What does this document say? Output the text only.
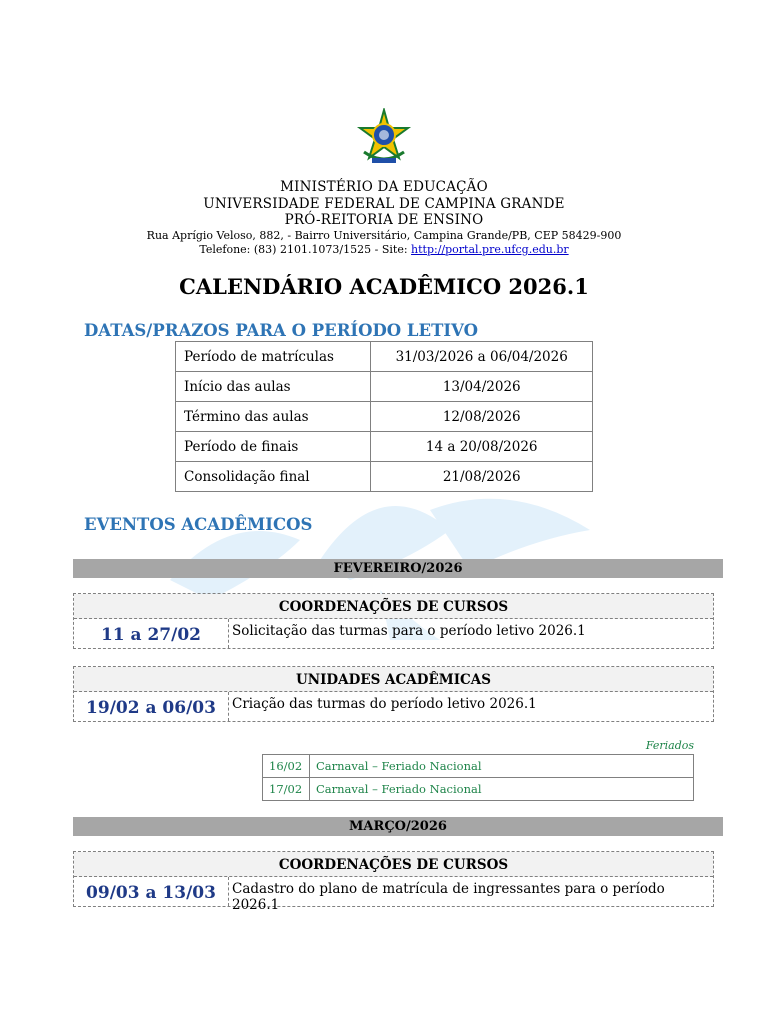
MINISTÉRIO DA EDUCAÇÃO
UNIVERSIDADE FEDERAL DE CAMPINA GRANDE
PRÓ-REITORIA DE ENSINO
Rua Aprígio Veloso, 882, - Bairro Universitário, Campina Grande/PB, CEP 58429-900
Telefone: (83) 2101.1073/1525 - Site: http://portal.pre.ufcg.edu.br
CALENDÁRIO ACADÊMICO 2026.1
DATAS/PRAZOS PARA O PERÍODO LETIVO
Período de matrículas	31/03/2026 a 06/04/2026
Início das aulas	13/04/2026
Término das aulas	12/08/2026
Período de finais	14 a 20/08/2026
Consolidação final	21/08/2026
EVENTOS ACADÊMICOS
FEVEREIRO/2026
COORDENAÇÕES DE CURSOS
11 a 27/02	Solicitação das turmas para o período letivo 2026.1
UNIDADES ACADÊMICAS
19/02 a 06/03	Criação das turmas do período letivo 2026.1
Feriados
16/02	Carnaval – Feriado Nacional
17/02	Carnaval – Feriado Nacional
MARÇO/2026
COORDENAÇÕES DE CURSOS
09/03 a 13/03	Cadastro do plano de matrícula de ingressantes para o período 2026.1
